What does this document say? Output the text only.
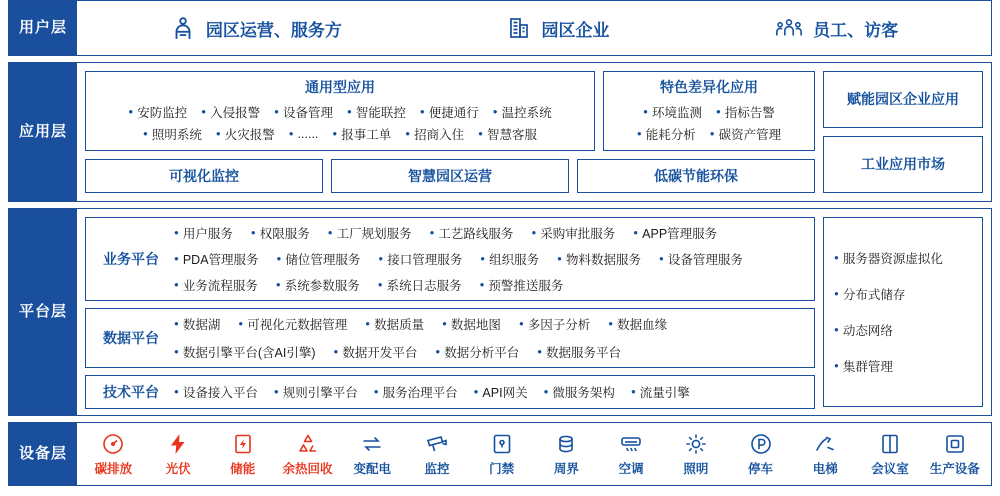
用户层	园区运营、服务方	园区企业	员工、访客
应用层
通用型应用
● 安防监控	● 入侵报警	● 设备管理	● 智能联控	● 便捷通行	● 温控系统
● 照明系统	● 火灾报警	● ......	● 报事工单	● 招商入住	● 智慧客服
特色差异化应用
● 环境监测	● 指标告警
● 能耗分析	● 碳资产管理
可视化监控	智慧园区运营	低碳节能环保
赋能园区企业应用
工业应用市场
平台层
业务平台
● 用户服务	● 权限服务	● 工厂规划服务	● 工艺路线服务	● 采购审批服务	● APP管理服务
● PDA管理服务	● 储位管理服务	● 接口管理服务	● 组织服务	● 物料数据服务	● 设备管理服务
● 业务流程服务	● 系统参数服务	● 系统日志服务	● 预警推送服务
数据平台
● 数据湖	● 可视化元数据管理	● 数据质量	● 数据地图	● 多因子分析	● 数据血缘
● 数据引擎平台(含AI引擎)	● 数据开发平台	● 数据分析平台	● 数据服务平台
技术平台	● 设备接入平台	● 规则引擎平台	● 服务治理平台	● API网关	● 微服务架构	● 流量引擎
● 服务器资源虚拟化
● 分布式储存
● 动态网络
● 集群管理
设备层
碳排放	光伏	储能 余热回收 变配电	监控	门禁	周界	空调	照明	停车	电梯	会议室 生产设备
